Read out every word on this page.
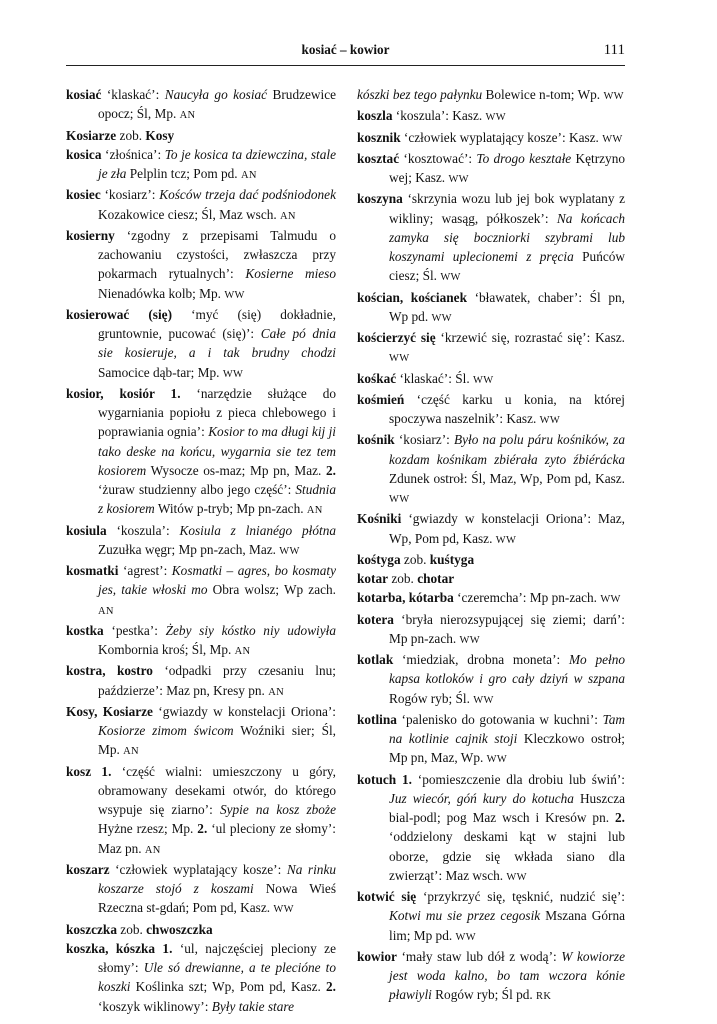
kosiać – kowior	111

kosiać ‘klaskać’: Naucyła go kosiać Brudzewice opocz; Śl, Mp. AN

Kosiarze zob. Kosy

kosica ‘złośnica’: To je kosica ta dziewczina, stale je zła Pelplin tcz; Pom pd. AN

kosiec ‘kosiarz’: Kośców trzeja dać podśniodonek Kozakowice ciesz; Śl, Maz wsch. AN

kosierny ‘zgodny z przepisami Talmudu o zachowaniu czystości, zwłaszcza przy pokarmach rytualnych’: Kosierne mieso Nienadówka kolb; Mp. WW

kosierować (się) ‘myć (się) dokładnie, gruntownie, pucować (się)’: Całe pó dnia sie kosieruje, a i tak brudny chodzi Samocice dąb-tar; Mp. WW

kosior, kosiór 1. ‘narzędzie służące do wygarniania popiołu z pieca chlebowego i poprawiania ognia’: Kosior to ma długi kij ji tako deske na końcu, wygarnia sie tez tem kosiorem Wysocze os-maz; Mp pn, Maz. 2. ‘żuraw studzienny albo jego część’: Studnia z kosiorem Witów p-tryb; Mp pn-zach. AN

kosiula ‘koszula’: Kosiula z lnianégo płótna Zuzułka węgr; Mp pn-zach, Maz. WW

kosmatki ‘agrest’: Kosmatki – agres, bo kosmaty jes, takie włoski mo Obra wolsz; Wp zach. AN

kostka ‘pestka’: Żeby siy kóstko niy udowiyła Kombornia kroś; Śl, Mp. AN

kostra, kostro ‘odpadki przy czesaniu lnu; paździerze’: Maz pn, Kresy pn. AN

Kosy, Kosiarze ‘gwiazdy w konstelacji Oriona’: Kosiorze zimom świcom Woźniki sier; Śl, Mp. AN

kosz 1. ‘część wialni: umieszczony u góry, obramowany desekami otwór, do którego wsypuje się ziarno’: Sypie na kosz zboże Hyżne rzesz; Mp. 2. ‘ul pleciony ze słomy’: Maz pn. AN

koszarz ‘człowiek wyplatający kosze’: Na rinku koszarze stojó z koszami Nowa Wieś Rzeczna st-gdań; Pom pd, Kasz. WW

koszczka zob. chwoszczka

koszka, kószka 1. ‘ul, najczęściej pleciony ze słomy’: Ule só drewianne, a te plecióne to koszki Koślinka szt; Wp, Pom pd, Kasz. 2. ‘koszyk wiklinowy’: Były takie stare

kószki bez tego pałynku Bolewice n-tom; Wp. WW

koszla ‘koszula’: Kasz. WW

kosznik ‘człowiek wyplatający kosze’: Kasz. WW

kosztać ‘kosztować’: To drogo keształe Kętrzyno wej; Kasz. WW

koszyna ‘skrzynia wozu lub jej bok wyplatany z wikliny; wasąg, półkoszek’: Na końcach zamyka się boczniorki szybrami lub koszynami uplecionemi z pręcia Puńców ciesz; Śl. WW

kościan, kościanek ‘bławatek, chaber’: Śl pn, Wp pd. WW

kościerzyć się ‘krzewić się, rozrastać się’: Kasz. WW

kośkać ‘klaskać’: Śl. WW

kośmień ‘część karku u konia, na której spoczywa naszelnik’: Kasz. WW

kośnik ‘kosiarz’: Było na polu páru kośników, za kozdam kośnikam zbiérała zyto źbiérácka Zdunek ostroł: Śl, Maz, Wp, Pom pd, Kasz. WW

Kośniki ‘gwiazdy w konstelacji Oriona’: Maz, Wp, Pom pd, Kasz. WW

kośtyga zob. kuśtyga

kotar zob. chotar

kotarba, kótarba ‘czeremcha’: Mp pn-zach. WW

kotera ‘bryła nierozsypującej się ziemi; darń’: Mp pn-zach. WW

kotlak ‘miedziak, drobna moneta’: Mo pełno kapsa kotloków i gro cały dziyń w szpana Rogów ryb; Śl. WW

kotlina ‘palenisko do gotowania w kuchni’: Tam na kotlinie cajnik stoji Kleczkowo ostroł; Mp pn, Maz, Wp. WW

kotuch 1. ‘pomieszczenie dla drobiu lub świń’: Juz wiecór, góń kury do kotucha Huszcza bial-podl; pog Maz wsch i Kresów pn. 2. ‘oddzielony deskami kąt w stajni lub oborze, gdzie się wkłada siano dla zwierząt’: Maz wsch. WW

kotwić się ‘przykrzyć się, tęsknić, nudzić się’: Kotwi mu sie przez cegosik Mszana Górna lim; Mp pd. WW

kowior ‘mały staw lub dół z wodą’: W kowiorze jest woda kalno, bo tam wczora kónie pławiyli Rogów ryb; Śl pd. RK
